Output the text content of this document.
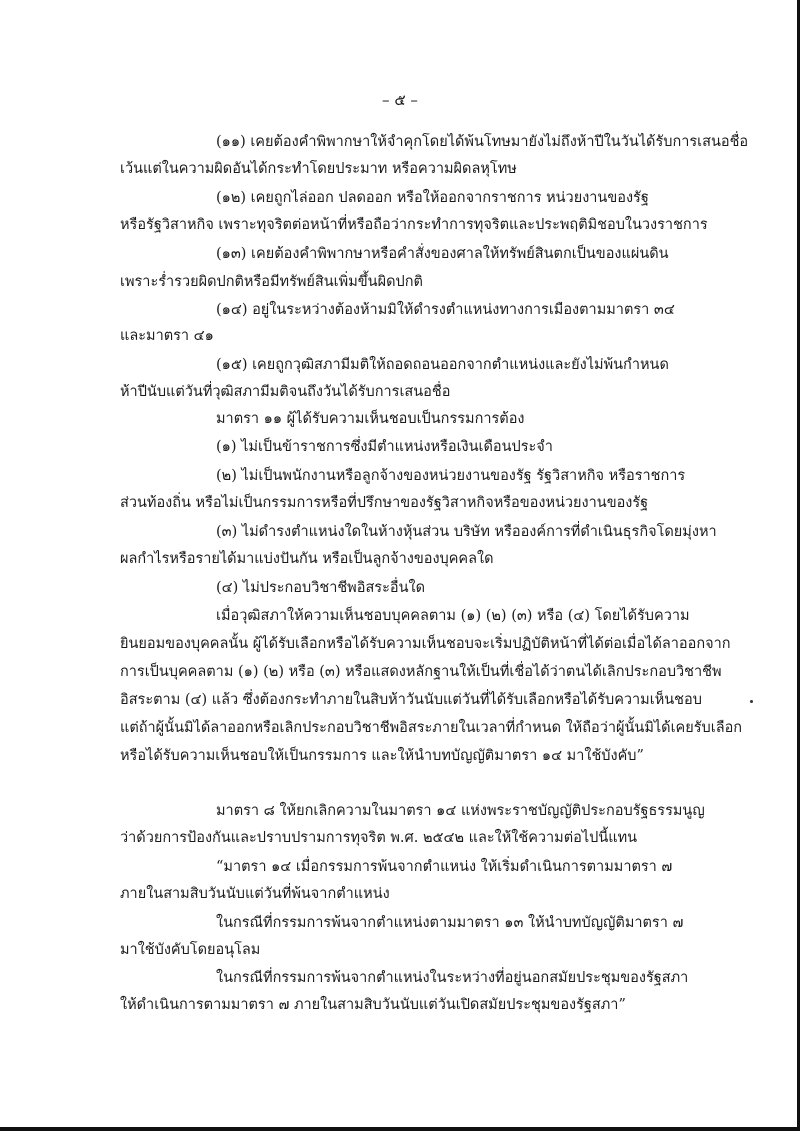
– ๕ –
(๑๑) เคยต้องคำพิพากษาให้จำคุกโดยได้พ้นโทษมายังไม่ถึงห้าปีในวันได้รับการเสนอชื่อ
เว้นแต่ในความผิดอันได้กระทำโดยประมาท หรือความผิดลหุโทษ
(๑๒) เคยถูกไล่ออก ปลดออก หรือให้ออกจากราชการ หน่วยงานของรัฐ
หรือรัฐวิสาหกิจ เพราะทุจริตต่อหน้าที่หรือถือว่ากระทำการทุจริตและประพฤติมิชอบในวงราชการ
(๑๓) เคยต้องคำพิพากษาหรือคำสั่งของศาลให้ทรัพย์สินตกเป็นของแผ่นดิน
เพราะร่ำรวยผิดปกติหรือมีทรัพย์สินเพิ่มขึ้นผิดปกติ
(๑๔) อยู่ในระหว่างต้องห้ามมิให้ดำรงตำแหน่งทางการเมืองตามมาตรา ๓๔
และมาตรา ๔๑
(๑๕) เคยถูกวุฒิสภามีมติให้ถอดถอนออกจากตำแหน่งและยังไม่พ้นกำหนด
ห้าปีนับแต่วันที่วุฒิสภามีมติจนถึงวันได้รับการเสนอชื่อ
มาตรา ๑๑ ผู้ได้รับความเห็นชอบเป็นกรรมการต้อง
(๑) ไม่เป็นข้าราชการซึ่งมีตำแหน่งหรือเงินเดือนประจำ
(๒) ไม่เป็นพนักงานหรือลูกจ้างของหน่วยงานของรัฐ รัฐวิสาหกิจ หรือราชการ
ส่วนท้องถิ่น หรือไม่เป็นกรรมการหรือที่ปรึกษาของรัฐวิสาหกิจหรือของหน่วยงานของรัฐ
(๓) ไม่ดำรงตำแหน่งใดในห้างหุ้นส่วน บริษัท หรือองค์การที่ดำเนินธุรกิจโดยมุ่งหา
ผลกำไรหรือรายได้มาแบ่งปันกัน หรือเป็นลูกจ้างของบุคคลใด
(๔) ไม่ประกอบวิชาชีพอิสระอื่นใด
เมื่อวุฒิสภาให้ความเห็นชอบบุคคลตาม (๑) (๒) (๓) หรือ (๔) โดยได้รับความ
ยินยอมของบุคคลนั้น ผู้ได้รับเลือกหรือได้รับความเห็นชอบจะเริ่มปฏิบัติหน้าที่ได้ต่อเมื่อได้ลาออกจาก
การเป็นบุคคลตาม (๑) (๒) หรือ (๓) หรือแสดงหลักฐานให้เป็นที่เชื่อได้ว่าตนได้เลิกประกอบวิชาชีพ
อิสระตาม (๔) แล้ว ซึ่งต้องกระทำภายในสิบห้าวันนับแต่วันที่ได้รับเลือกหรือได้รับความเห็นชอบ
แต่ถ้าผู้นั้นมิได้ลาออกหรือเลิกประกอบวิชาชีพอิสระภายในเวลาที่กำหนด ให้ถือว่าผู้นั้นมิได้เคยรับเลือก
หรือได้รับความเห็นชอบให้เป็นกรรมการ และให้นำบทบัญญัติมาตรา ๑๔ มาใช้บังคับ”
มาตรา ๘ ให้ยกเลิกความในมาตรา ๑๔ แห่งพระราชบัญญัติประกอบรัฐธรรมนูญ
ว่าด้วยการป้องกันและปราบปรามการทุจริต พ.ศ. ๒๕๔๒ และให้ใช้ความต่อไปนี้แทน
“มาตรา ๑๔ เมื่อกรรมการพ้นจากตำแหน่ง ให้เริ่มดำเนินการตามมาตรา ๗
ภายในสามสิบวันนับแต่วันที่พ้นจากตำแหน่ง
ในกรณีที่กรรมการพ้นจากตำแหน่งตามมาตรา ๑๓ ให้นำบทบัญญัติมาตรา ๗
มาใช้บังคับโดยอนุโลม
ในกรณีที่กรรมการพ้นจากตำแหน่งในระหว่างที่อยู่นอกสมัยประชุมของรัฐสภา
ให้ดำเนินการตามมาตรา ๗ ภายในสามสิบวันนับแต่วันเปิดสมัยประชุมของรัฐสภา”
